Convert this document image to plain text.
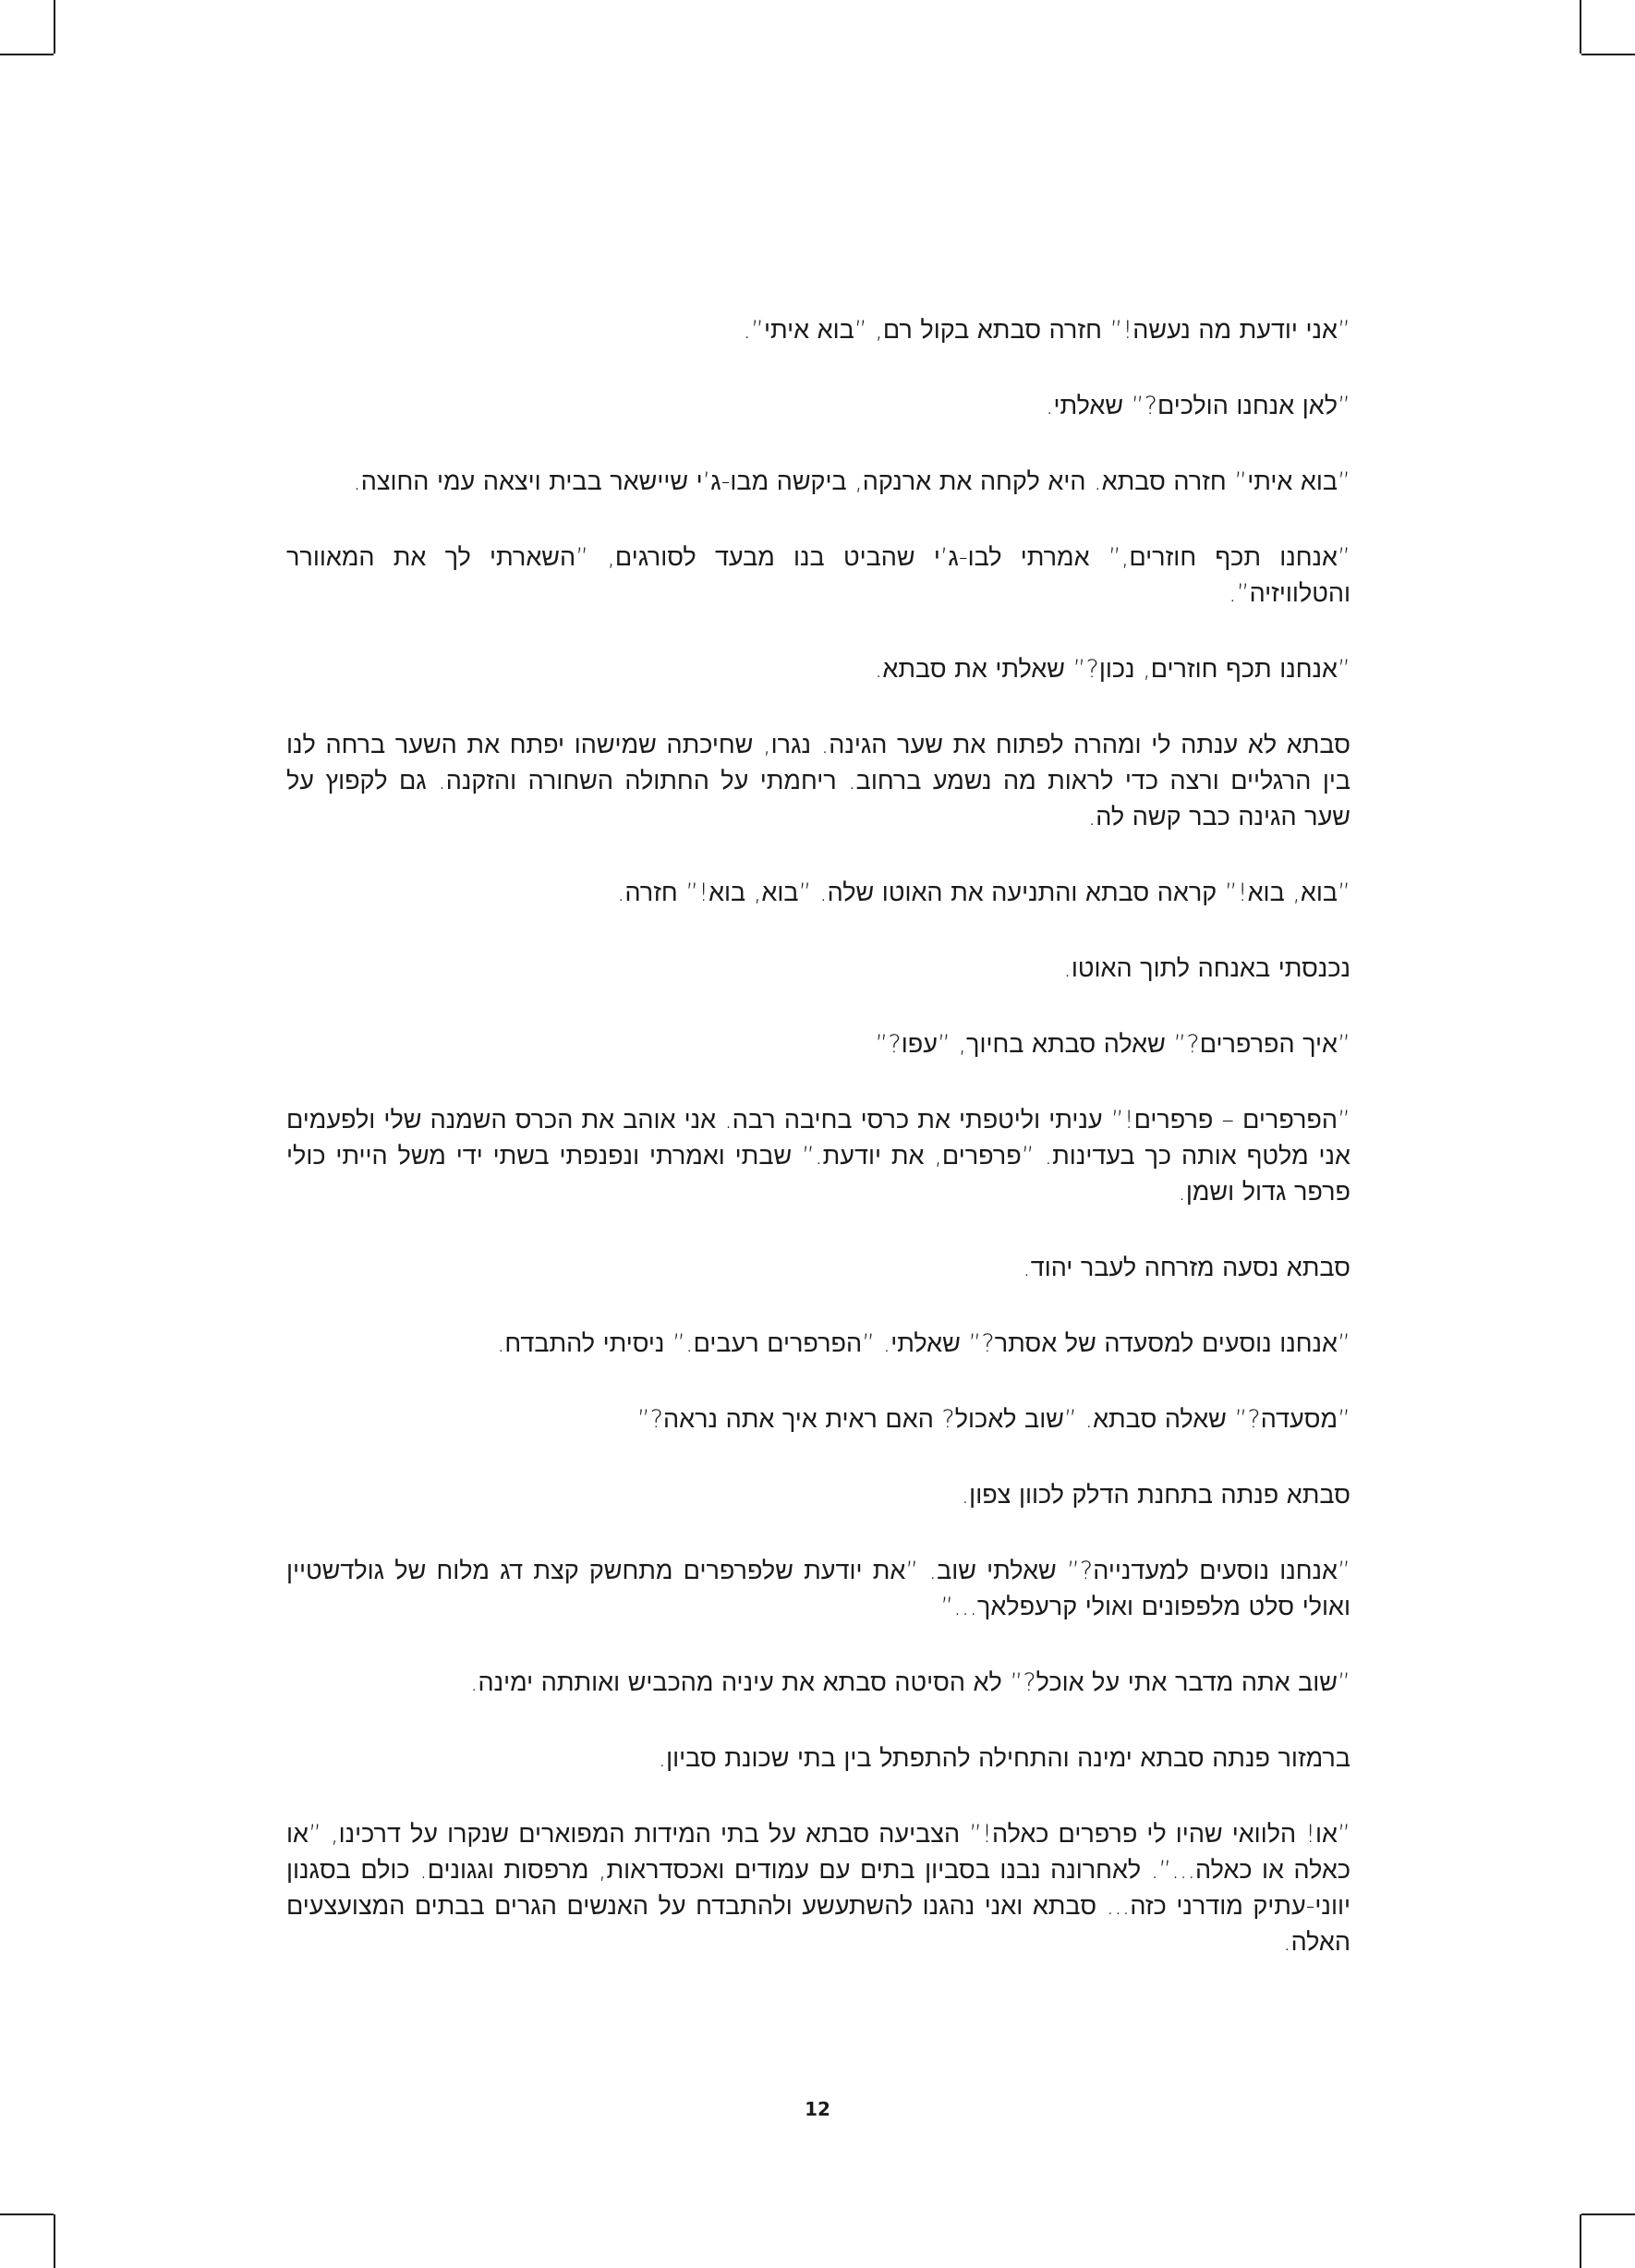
”אני יודעת מה נעשה!” חזרה סבתא בקול רם, ”בוא איתי”.

”לאן אנחנו הולכים?” שאלתי.

”בוא איתי” חזרה סבתא. היא לקחה את ארנקה, ביקשה מבו-ג’י שיישאר בבית ויצאה עמי החוצה.

”אנחנו תכף חוזרים,” אמרתי לבו-ג’י שהביט בנו מבעד לסורגים, ”השארתי לך את המאוורר והטלוויזיה”.

”אנחנו תכף חוזרים, נכון?” שאלתי את סבתא.

סבתא לא ענתה לי ומהרה לפתוח את שער הגינה. נגרו, שחיכתה שמישהו יפתח את השער ברחה לנו בין הרגליים ורצה כדי לראות מה נשמע ברחוב. ריחמתי על החתולה השחורה והזקנה. גם לקפוץ על שער הגינה כבר קשה לה.

”בוא, בוא!” קראה סבתא והתניעה את האוטו שלה. ”בוא, בוא!” חזרה.

נכנסתי באנחה לתוך האוטו.

”איך הפרפרים?” שאלה סבתא בחיוך, ”עפו?”

”הפרפרים – פרפרים!” עניתי וליטפתי את כרסי בחיבה רבה. אני אוהב את הכרס השמנה שלי ולפעמים אני מלטף אותה כך בעדינות. ”פרפרים, את יודעת.” שבתי ואמרתי ונפנפתי בשתי ידי משל הייתי כולי פרפר גדול ושמן.

סבתא נסעה מזרחה לעבר יהוד.

”אנחנו נוסעים למסעדה של אסתר?” שאלתי. ”הפרפרים רעבים.” ניסיתי להתבדח.

”מסעדה?” שאלה סבתא. ”שוב לאכול? האם ראית איך אתה נראה?”

סבתא פנתה בתחנת הדלק לכוון צפון.

”אנחנו נוסעים למעדנייה?” שאלתי שוב. ”את יודעת שלפרפרים מתחשק קצת דג מלוח של גולדשטיין ואולי סלט מלפפונים ואולי קרעפלאך...”

”שוב אתה מדבר אתי על אוכל?” לא הסיטה סבתא את עיניה מהכביש ואותתה ימינה.

ברמזור פנתה סבתא ימינה והתחילה להתפתל בין בתי שכונת סביון.

”או! הלוואי שהיו לי פרפרים כאלה!” הצביעה סבתא על בתי המידות המפוארים שנקרו על דרכינו, ”או כאלה או כאלה...”. לאחרונה נבנו בסביון בתים עם עמודים ואכסדראות, מרפסות וגגונים. כולם בסגנון יווני-עתיק מודרני כזה... סבתא ואני נהגנו להשתעשע ולהתבדח על האנשים הגרים בבתים המצועצעים האלה.

12
